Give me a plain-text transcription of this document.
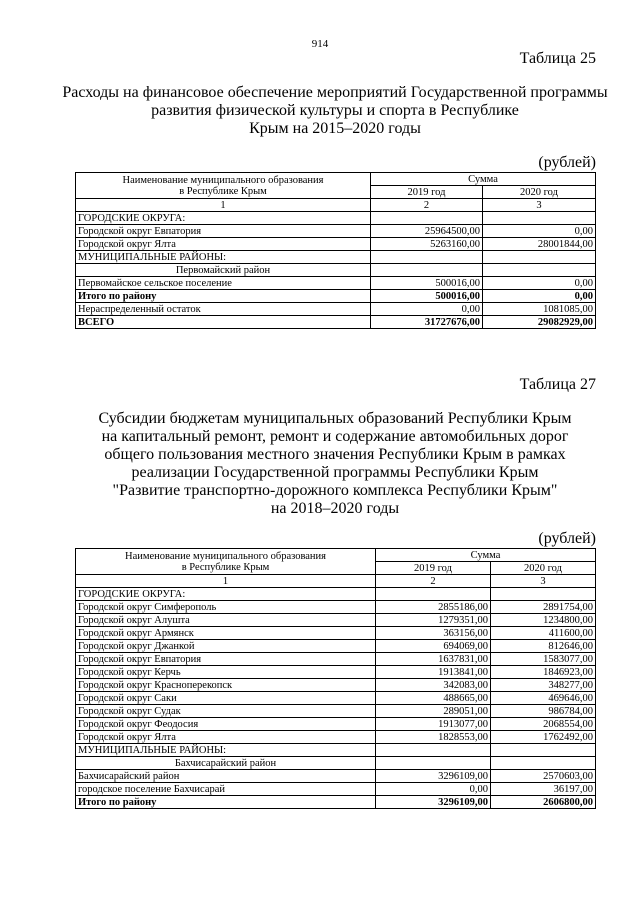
914
Таблица 25
Расходы на финансовое обеспечение мероприятий Государственной программы
развития физической культуры и спорта в Республике
Крым на 2015–2020 годы
(рублей)
Наименование муниципального образования
в Республике Крым	Сумма	
	2019 год	2020 год
1	2	3
ГОРОДСКИЕ ОКРУГА:		
Городской округ Евпатория	25964500,00	0,00
Городской округ Ялта	5263160,00	28001844,00
МУНИЦИПАЛЬНЫЕ РАЙОНЫ:		
Первомайский район		
Первомайское сельское поселение	500016,00	0,00
Итого по району	500016,00	0,00
Нераспределенный остаток	0,00	1081085,00
ВСЕГО	31727676,00	29082929,00
Таблица 27
Субсидии бюджетам муниципальных образований Республики Крым
на капитальный ремонт, ремонт и содержание автомобильных дорог
общего пользования местного значения Республики Крым в рамках
реализации Государственной программы Республики Крым
"Развитие транспортно-дорожного комплекса Республики Крым"
на 2018–2020 годы
(рублей)
Наименование муниципального образования
в Республике Крым	Сумма	
	2019 год	2020 год
1	2	3
ГОРОДСКИЕ ОКРУГА:		
Городской округ Симферополь	2855186,00	2891754,00
Городской округ Алушта	1279351,00	1234800,00
Городской округ Армянск	363156,00	411600,00
Городской округ Джанкой	694069,00	812646,00
Городской округ Евпатория	1637831,00	1583077,00
Городской округ Керчь	1913841,00	1846923,00
Городской округ Красноперекопск	342083,00	348277,00
Городской округ Саки	488665,00	469646,00
Городской округ Судак	289051,00	986784,00
Городской округ Феодосия	1913077,00	2068554,00
Городской округ Ялта	1828553,00	1762492,00
МУНИЦИПАЛЬНЫЕ РАЙОНЫ:		
Бахчисарайский район		
Бахчисарайский район	3296109,00	2570603,00
городское поселение Бахчисарай	0,00	36197,00
Итого по району	3296109,00	2606800,00
